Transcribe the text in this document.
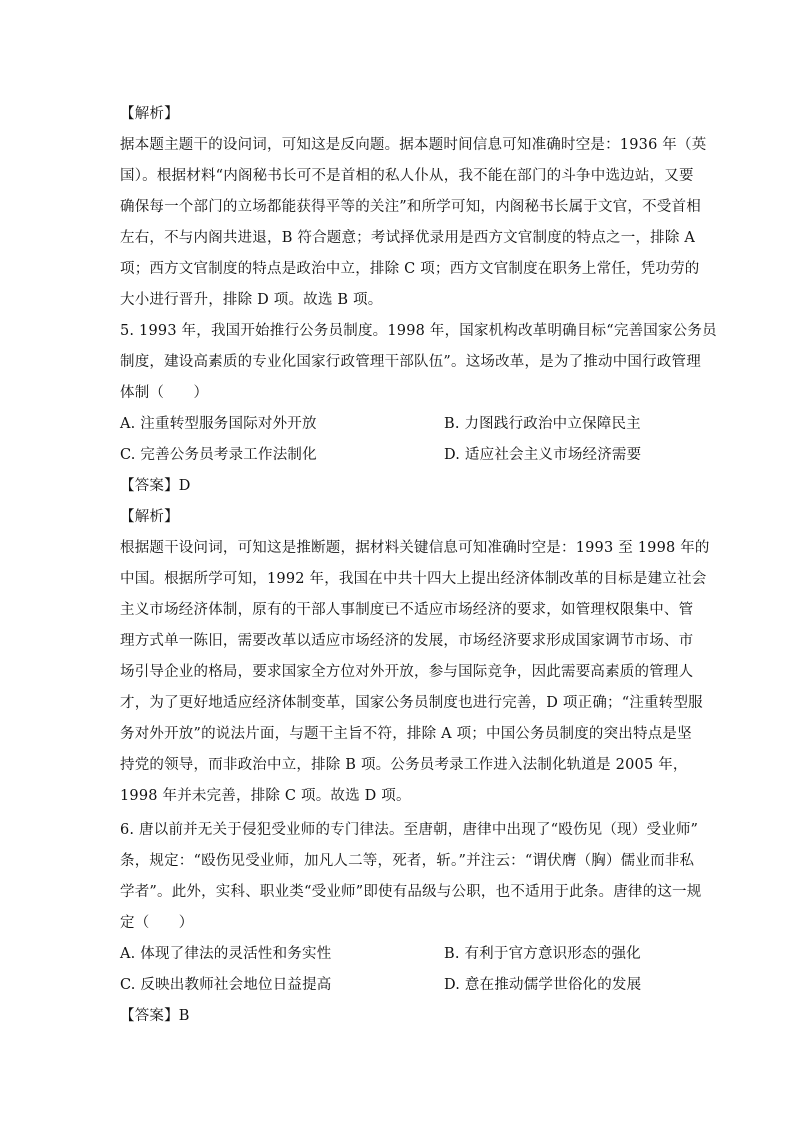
【解析】
据本题主题干的设问词，可知这是反向题。据本题时间信息可知准确时空是：1936 年（英
国）。根据材料“内阁秘书长可不是首相的私人仆从，我不能在部门的斗争中选边站，又要
确保每一个部门的立场都能获得平等的关注”和所学可知，内阁秘书长属于文官，不受首相
左右，不与内阁共进退，B 符合题意；考试择优录用是西方文官制度的特点之一，排除 A
项；西方文官制度的特点是政治中立，排除 C 项；西方文官制度在职务上常任，凭功劳的
大小进行晋升，排除 D 项。故选 B 项。
5. 1993 年，我国开始推行公务员制度。1998 年，国家机构改革明确目标“完善国家公务员
制度，建设高素质的专业化国家行政管理干部队伍”。这场改革，是为了推动中国行政管理
体制（　　）
A. 注重转型服务国际对外开放	B. 力图践行政治中立保障民主
C. 完善公务员考录工作法制化	D. 适应社会主义市场经济需要
【答案】D
【解析】
根据题干设问词，可知这是推断题，据材料关键信息可知准确时空是：1993 至 1998 年的
中国。根据所学可知，1992 年，我国在中共十四大上提出经济体制改革的目标是建立社会
主义市场经济体制，原有的干部人事制度已不适应市场经济的要求，如管理权限集中、管
理方式单一陈旧，需要改革以适应市场经济的发展，市场经济要求形成国家调节市场、市
场引导企业的格局，要求国家全方位对外开放，参与国际竞争，因此需要高素质的管理人
才，为了更好地适应经济体制变革，国家公务员制度也进行完善，D 项正确；“注重转型服
务对外开放”的说法片面，与题干主旨不符，排除 A 项；中国公务员制度的突出特点是坚
持党的领导，而非政治中立，排除 B 项。公务员考录工作进入法制化轨道是 2005 年，
1998 年并未完善，排除 C 项。故选 D 项。
6. 唐以前并无关于侵犯受业师的专门律法。至唐朝，唐律中出现了“殴伤见（现）受业师”
条，规定：“殴伤见受业师，加凡人二等，死者，斩。”并注云：“谓伏膺（胸）儒业而非私
学者”。此外，实科、职业类“受业师”即使有品级与公职，也不适用于此条。唐律的这一规
定（　　）
A. 体现了律法的灵活性和务实性	B. 有利于官方意识形态的强化
C. 反映出教师社会地位日益提高	D. 意在推动儒学世俗化的发展
【答案】B
